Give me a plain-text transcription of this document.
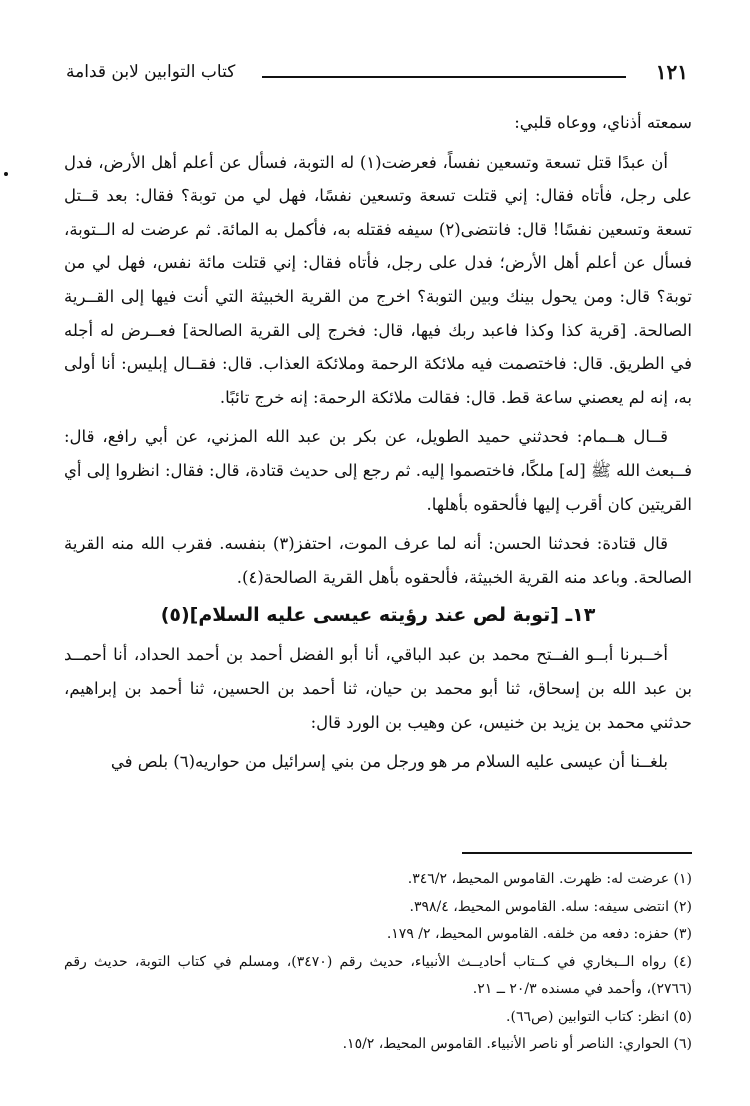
١٢١
كتاب التوابين لابن قدامة

سمعته أذناي، ووعاه قلبي:

أن عبدًا قتل تسعة وتسعين نفساً، فعرضت(١) له التوبة، فسأل عن أعلم أهل الأرض، فدل على رجل، فأتاه فقال: إني قتلت تسعة وتسعين نفسًا، فهل لي من توبة؟ فقال: بعد قــتل تسعة وتسعين نفسًا! قال: فانتضى(٢) سيفه فقتله به، فأكمل به المائة. ثم عرضت له الــتوبة، فسأل عن أعلم أهل الأرض؛ فدل على رجل، فأتاه فقال: إني قتلت مائة نفس، فهل لي من توبة؟ قال: ومن يحول بينك وبين التوبة؟ اخرج من القرية الخبيثة التي أنت فيها إلى القــرية الصالحة. [قرية كذا وكذا فاعبد ربك فيها، قال: فخرج إلى القرية الصالحة] فعــرض له أجله في الطريق. قال: فاختصمت فيه ملائكة الرحمة وملائكة العذاب. قال: فقــال إبليس: أنا أولى به، إنه لم يعصني ساعة قط. قال: فقالت ملائكة الرحمة: إنه خرج تائبًا.

قــال هــمام: فحدثني حميد الطويل، عن بكر بن عبد الله المزني، عن أبي رافع، قال: فــبعث الله ﷺ [له] ملكًا، فاختصموا إليه. ثم رجع إلى حديث قتادة، قال: فقال: انظروا إلى أي القريتين كان أقرب إليها فألحقوه بأهلها.

قال قتادة: فحدثنا الحسن: أنه لما عرف الموت، احتفز(٣) بنفسه. فقرب الله منه القرية الصالحة. وباعد منه القرية الخبيثة، فألحقوه بأهل القرية الصالحة(٤).

١٣ـ [توبة لص عند رؤيته عيسى عليه السلام](٥)

أخــبرنا أبــو الفــتح محمد بن عبد الباقي، أنا أبو الفضل أحمد بن أحمد الحداد، أنا أحمــد بن عبد الله بن إسحاق، ثنا أبو محمد بن حيان، ثنا أحمد بن الحسين، ثنا أحمد بن إبراهيم، حدثني محمد بن يزيد بن خنيس، عن وهيب بن الورد قال:

بلغــنا أن عيسى عليه السلام مر هو ورجل من بني إسرائيل من حواريه(٦) بلص في

(١) عرضت له: ظهرت. القاموس المحيط، ٣٤٦/٢.

(٢) انتضى سيفه: سله. القاموس المحيط، ٣٩٨/٤.

(٣) حفزه: دفعه من خلفه. القاموس المحيط، ٢/ ١٧٩.

(٤) رواه الــبخاري في كــتاب أحاديــث الأنبياء، حديث رقم (٣٤٧٠)، ومسلم في كتاب التوبة، حديث رقم (٢٧٦٦)، وأحمد في مسنده ٢٠/٣ ــ ٢١.

(٥) انظر: كتاب التوابين (ص٦٦).

(٦) الحواري: الناصر أو ناصر الأنبياء. القاموس المحيط، ١٥/٢.
